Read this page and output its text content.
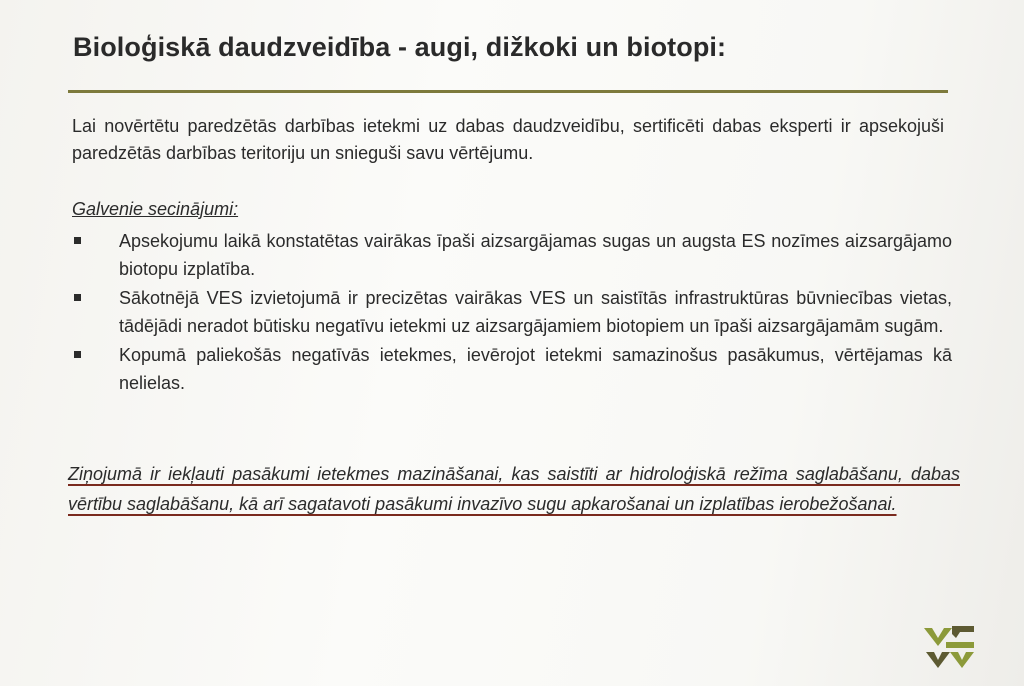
Bioloģiskā daudzveidība - augi, dižkoki un biotopi:

Lai novērtētu paredzētās darbības ietekmi uz dabas daudzveidību, sertificēti dabas eksperti ir apsekojuši paredzētās darbības teritoriju un snieguši savu vērtējumu.

Galvenie secinājumi:

Apsekojumu laikā konstatētas vairākas īpaši aizsargājamas sugas un augsta ES nozīmes aizsargājamo biotopu izplatība.
Sākotnējā VES izvietojumā ir precizētas vairākas VES un saistītās infrastruktūras būvniecības vietas, tādējādi neradot būtisku negatīvu ietekmi uz aizsargājamiem biotopiem un īpaši aizsargājamām sugām.
Kopumā paliekošās negatīvās ietekmes, ievērojot ietekmi samazinošus pasākumus, vērtējamas kā nelielas.

Ziņojumā ir iekļauti pasākumi ietekmes mazināšanai, kas saistīti ar hidroloģiskā režīma saglabāšanu, dabas vērtību saglabāšanu, kā arī sagatavoti pasākumi invazīvo sugu apkarošanai un izplatības ierobežošanai.
